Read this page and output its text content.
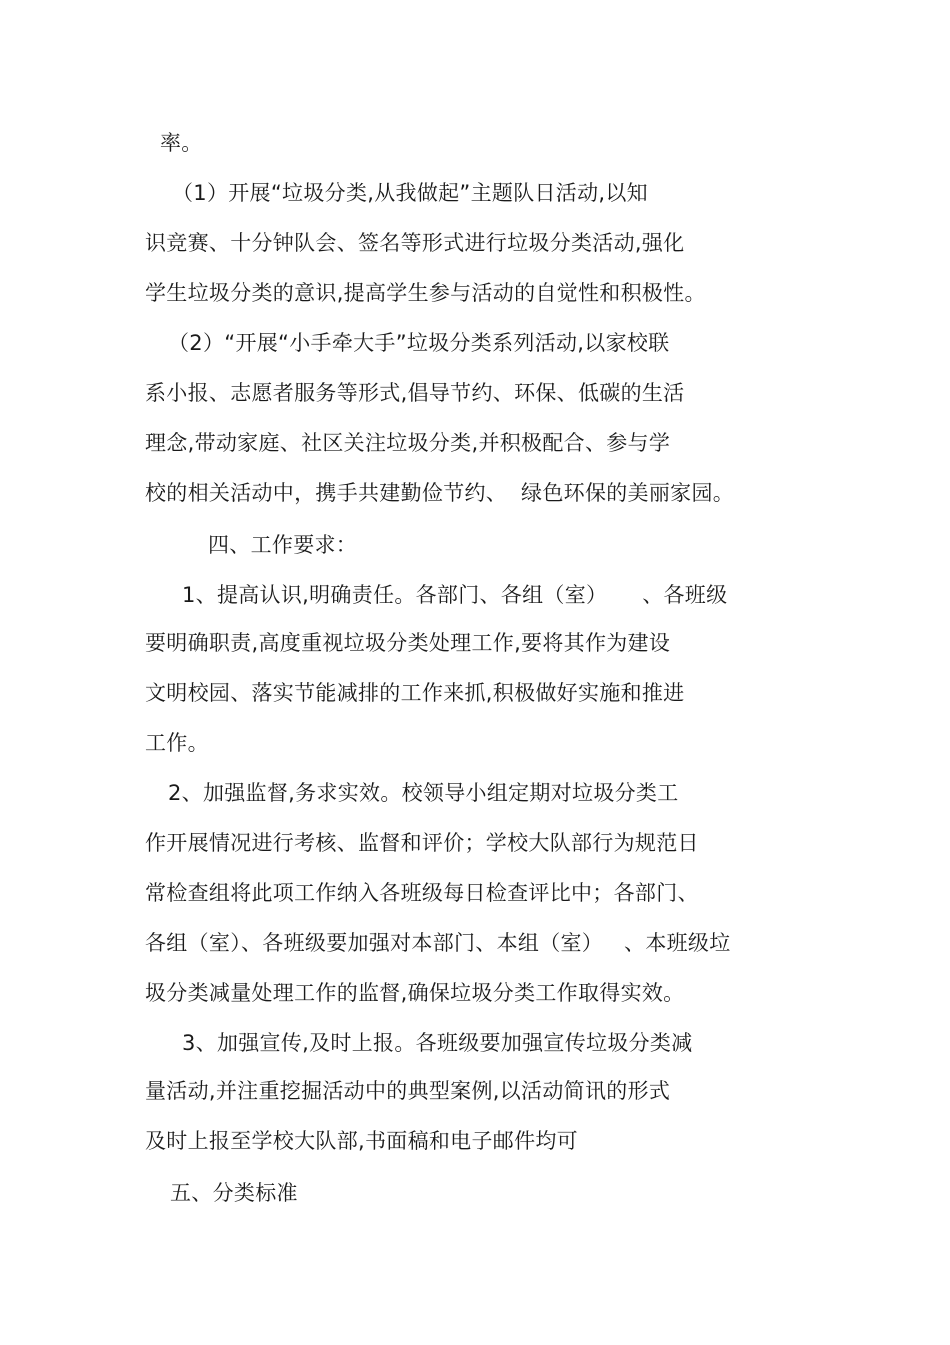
率。
（1）开展“垃圾分类,从我做起”主题队日活动,以知
识竞赛、十分钟队会、签名等形式进行垃圾分类活动,强化
学生垃圾分类的意识,提高学生参与活动的自觉性和积极性。
（2）“开展“小手牵大手”垃圾分类系列活动,以家校联
系小报、志愿者服务等形式,倡导节约、环保、低碳的生活
理念,带动家庭、社区关注垃圾分类,并积极配合、参与学
校的相关活动中，携手共建勤俭节约、  绿色环保的美丽家园。
四、工作要求：
1、提高认识,明确责任。各部门、各组（室）     、各班级
要明确职责,高度重视垃圾分类处理工作,要将其作为建设
文明校园、落实节能减排的工作来抓,积极做好实施和推进
工作。
2、加强监督,务求实效。校领导小组定期对垃圾分类工
作开展情况进行考核、监督和评价；学校大队部行为规范日
常检查组将此项工作纳入各班级每日检查评比中；各部门、
各组（室）、各班级要加强对本部门、本组（室）   、本班级垃
圾分类减量处理工作的监督,确保垃圾分类工作取得实效。
3、加强宣传,及时上报。各班级要加强宣传垃圾分类减
量活动,并注重挖掘活动中的典型案例,以活动简讯的形式
及时上报至学校大队部,书面稿和电子邮件均可
五、分类标准
